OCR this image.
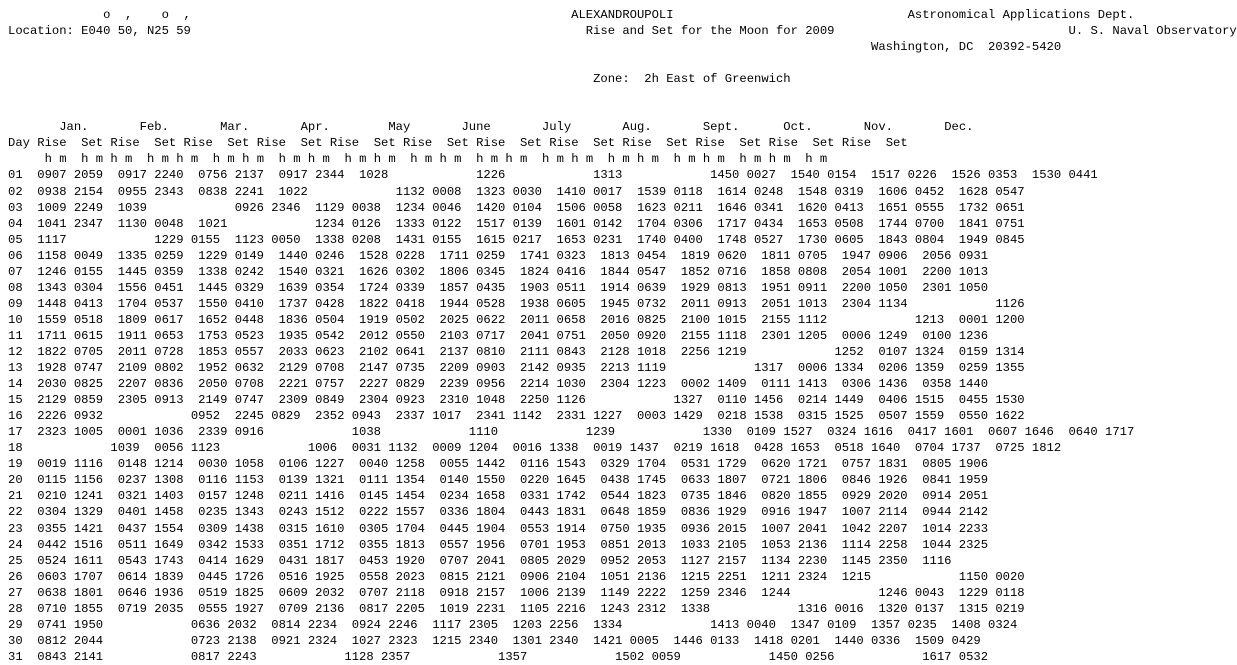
o  ,    o  ,	ALEXANDROUPOLI	Astronomical Applications Dept.
Location: E040 50, N25 59	Rise and Set for the Moon for 2009	U. S. Naval Observatory
Washington, DC  20392-5420

Zone:  2h East of Greenwich

Jan.       Feb.       Mar.       Apr.        May       June       July       Aug.       Sept.      Oct.       Nov.       Dec.
Day Rise  Set Rise  Set Rise  Set Rise  Set Rise  Set Rise  Set Rise  Set Rise  Set Rise  Set Rise  Set Rise  Set Rise  Set
h m  h m h m  h m h m  h m h m  h m h m  h m h m  h m h m  h m h m  h m h m  h m h m  h m h m  h m h m  h m
01  0907 2059  0917 2240  0756 2137  0917 2344  1028            1226            1313            1450 0027  1540 0154  1517 0226  1526 0353  1530 0441
02  0938 2154  0955 2343  0838 2241  1022            1132 0008  1323 0030  1410 0017  1539 0118  1614 0248  1548 0319  1606 0452  1628 0547
03  1009 2249  1039            0926 2346  1129 0038  1234 0046  1420 0104  1506 0058  1623 0211  1646 0341  1620 0413  1651 0555  1732 0651
04  1041 2347  1130 0048  1021            1234 0126  1333 0122  1517 0139  1601 0142  1704 0306  1717 0434  1653 0508  1744 0700  1841 0751
05  1117            1229 0155  1123 0050  1338 0208  1431 0155  1615 0217  1653 0231  1740 0400  1748 0527  1730 0605  1843 0804  1949 0845
06  1158 0049  1335 0259  1229 0149  1440 0246  1528 0228  1711 0259  1741 0323  1813 0454  1819 0620  1811 0705  1947 0906  2056 0931
07  1246 0155  1445 0359  1338 0242  1540 0321  1626 0302  1806 0345  1824 0416  1844 0547  1852 0716  1858 0808  2054 1001  2200 1013
08  1343 0304  1556 0451  1445 0329  1639 0354  1724 0339  1857 0435  1903 0511  1914 0639  1929 0813  1951 0911  2200 1050  2301 1050
09  1448 0413  1704 0537  1550 0410  1737 0428  1822 0418  1944 0528  1938 0605  1945 0732  2011 0913  2051 1013  2304 1134            1126
10  1559 0518  1809 0617  1652 0448  1836 0504  1919 0502  2025 0622  2011 0658  2016 0825  2100 1015  2155 1112            1213  0001 1200
11  1711 0615  1911 0653  1753 0523  1935 0542  2012 0550  2103 0717  2041 0751  2050 0920  2155 1118  2301 1205  0006 1249  0100 1236
12  1822 0705  2011 0728  1853 0557  2033 0623  2102 0641  2137 0810  2111 0843  2128 1018  2256 1219            1252  0107 1324  0159 1314
13  1928 0747  2109 0802  1952 0632  2129 0708  2147 0735  2209 0903  2142 0935  2213 1119            1317  0006 1334  0206 1359  0259 1355
14  2030 0825  2207 0836  2050 0708  2221 0757  2227 0829  2239 0956  2214 1030  2304 1223  0002 1409  0111 1413  0306 1436  0358 1440
15  2129 0859  2305 0913  2149 0747  2309 0849  2304 0923  2310 1048  2250 1126            1327  0110 1456  0214 1449  0406 1515  0455 1530
16  2226 0932            0952  2245 0829  2352 0943  2337 1017  2341 1142  2331 1227  0003 1429  0218 1538  0315 1525  0507 1559  0550 1622
17  2323 1005  0001 1036  2339 0916            1038            1110            1239            1330  0109 1527  0324 1616  0417 1601  0607 1646  0640 1717
18            1039  0056 1123            1006  0031 1132  0009 1204  0016 1338  0019 1437  0219 1618  0428 1653  0518 1640  0704 1737  0725 1812
19  0019 1116  0148 1214  0030 1058  0106 1227  0040 1258  0055 1442  0116 1543  0329 1704  0531 1729  0620 1721  0757 1831  0805 1906
20  0115 1156  0237 1308  0116 1153  0139 1321  0111 1354  0140 1550  0220 1645  0438 1745  0633 1807  0721 1806  0846 1926  0841 1959
21  0210 1241  0321 1403  0157 1248  0211 1416  0145 1454  0234 1658  0331 1742  0544 1823  0735 1846  0820 1855  0929 2020  0914 2051
22  0304 1329  0401 1458  0235 1343  0243 1512  0222 1557  0336 1804  0443 1831  0648 1859  0836 1929  0916 1947  1007 2114  0944 2142
23  0355 1421  0437 1554  0309 1438  0315 1610  0305 1704  0445 1904  0553 1914  0750 1935  0936 2015  1007 2041  1042 2207  1014 2233
24  0442 1516  0511 1649  0342 1533  0351 1712  0355 1813  0557 1956  0701 1953  0851 2013  1033 2105  1053 2136  1114 2258  1044 2325
25  0524 1611  0543 1743  0414 1629  0431 1817  0453 1920  0707 2041  0805 2029  0952 2053  1127 2157  1134 2230  1145 2350  1116
26  0603 1707  0614 1839  0445 1726  0516 1925  0558 2023  0815 2121  0906 2104  1051 2136  1215 2251  1211 2324  1215            1150 0020
27  0638 1801  0646 1936  0519 1825  0609 2032  0707 2118  0918 2157  1006 2139  1149 2222  1259 2346  1244            1246 0043  1229 0118
28  0710 1855  0719 2035  0555 1927  0709 2136  0817 2205  1019 2231  1105 2216  1243 2312  1338            1316 0016  1320 0137  1315 0219
29  0741 1950            0636 2032  0814 2234  0924 2246  1117 2305  1203 2256  1334            1413 0040  1347 0109  1357 0235  1408 0324
30  0812 2044            0723 2138  0921 2324  1027 2323  1215 2340  1301 2340  1421 0005  1446 0133  1418 0201  1440 0336  1509 0429
31  0843 2141            0817 2243            1128 2357            1357            1502 0059            1450 0256            1617 0532
